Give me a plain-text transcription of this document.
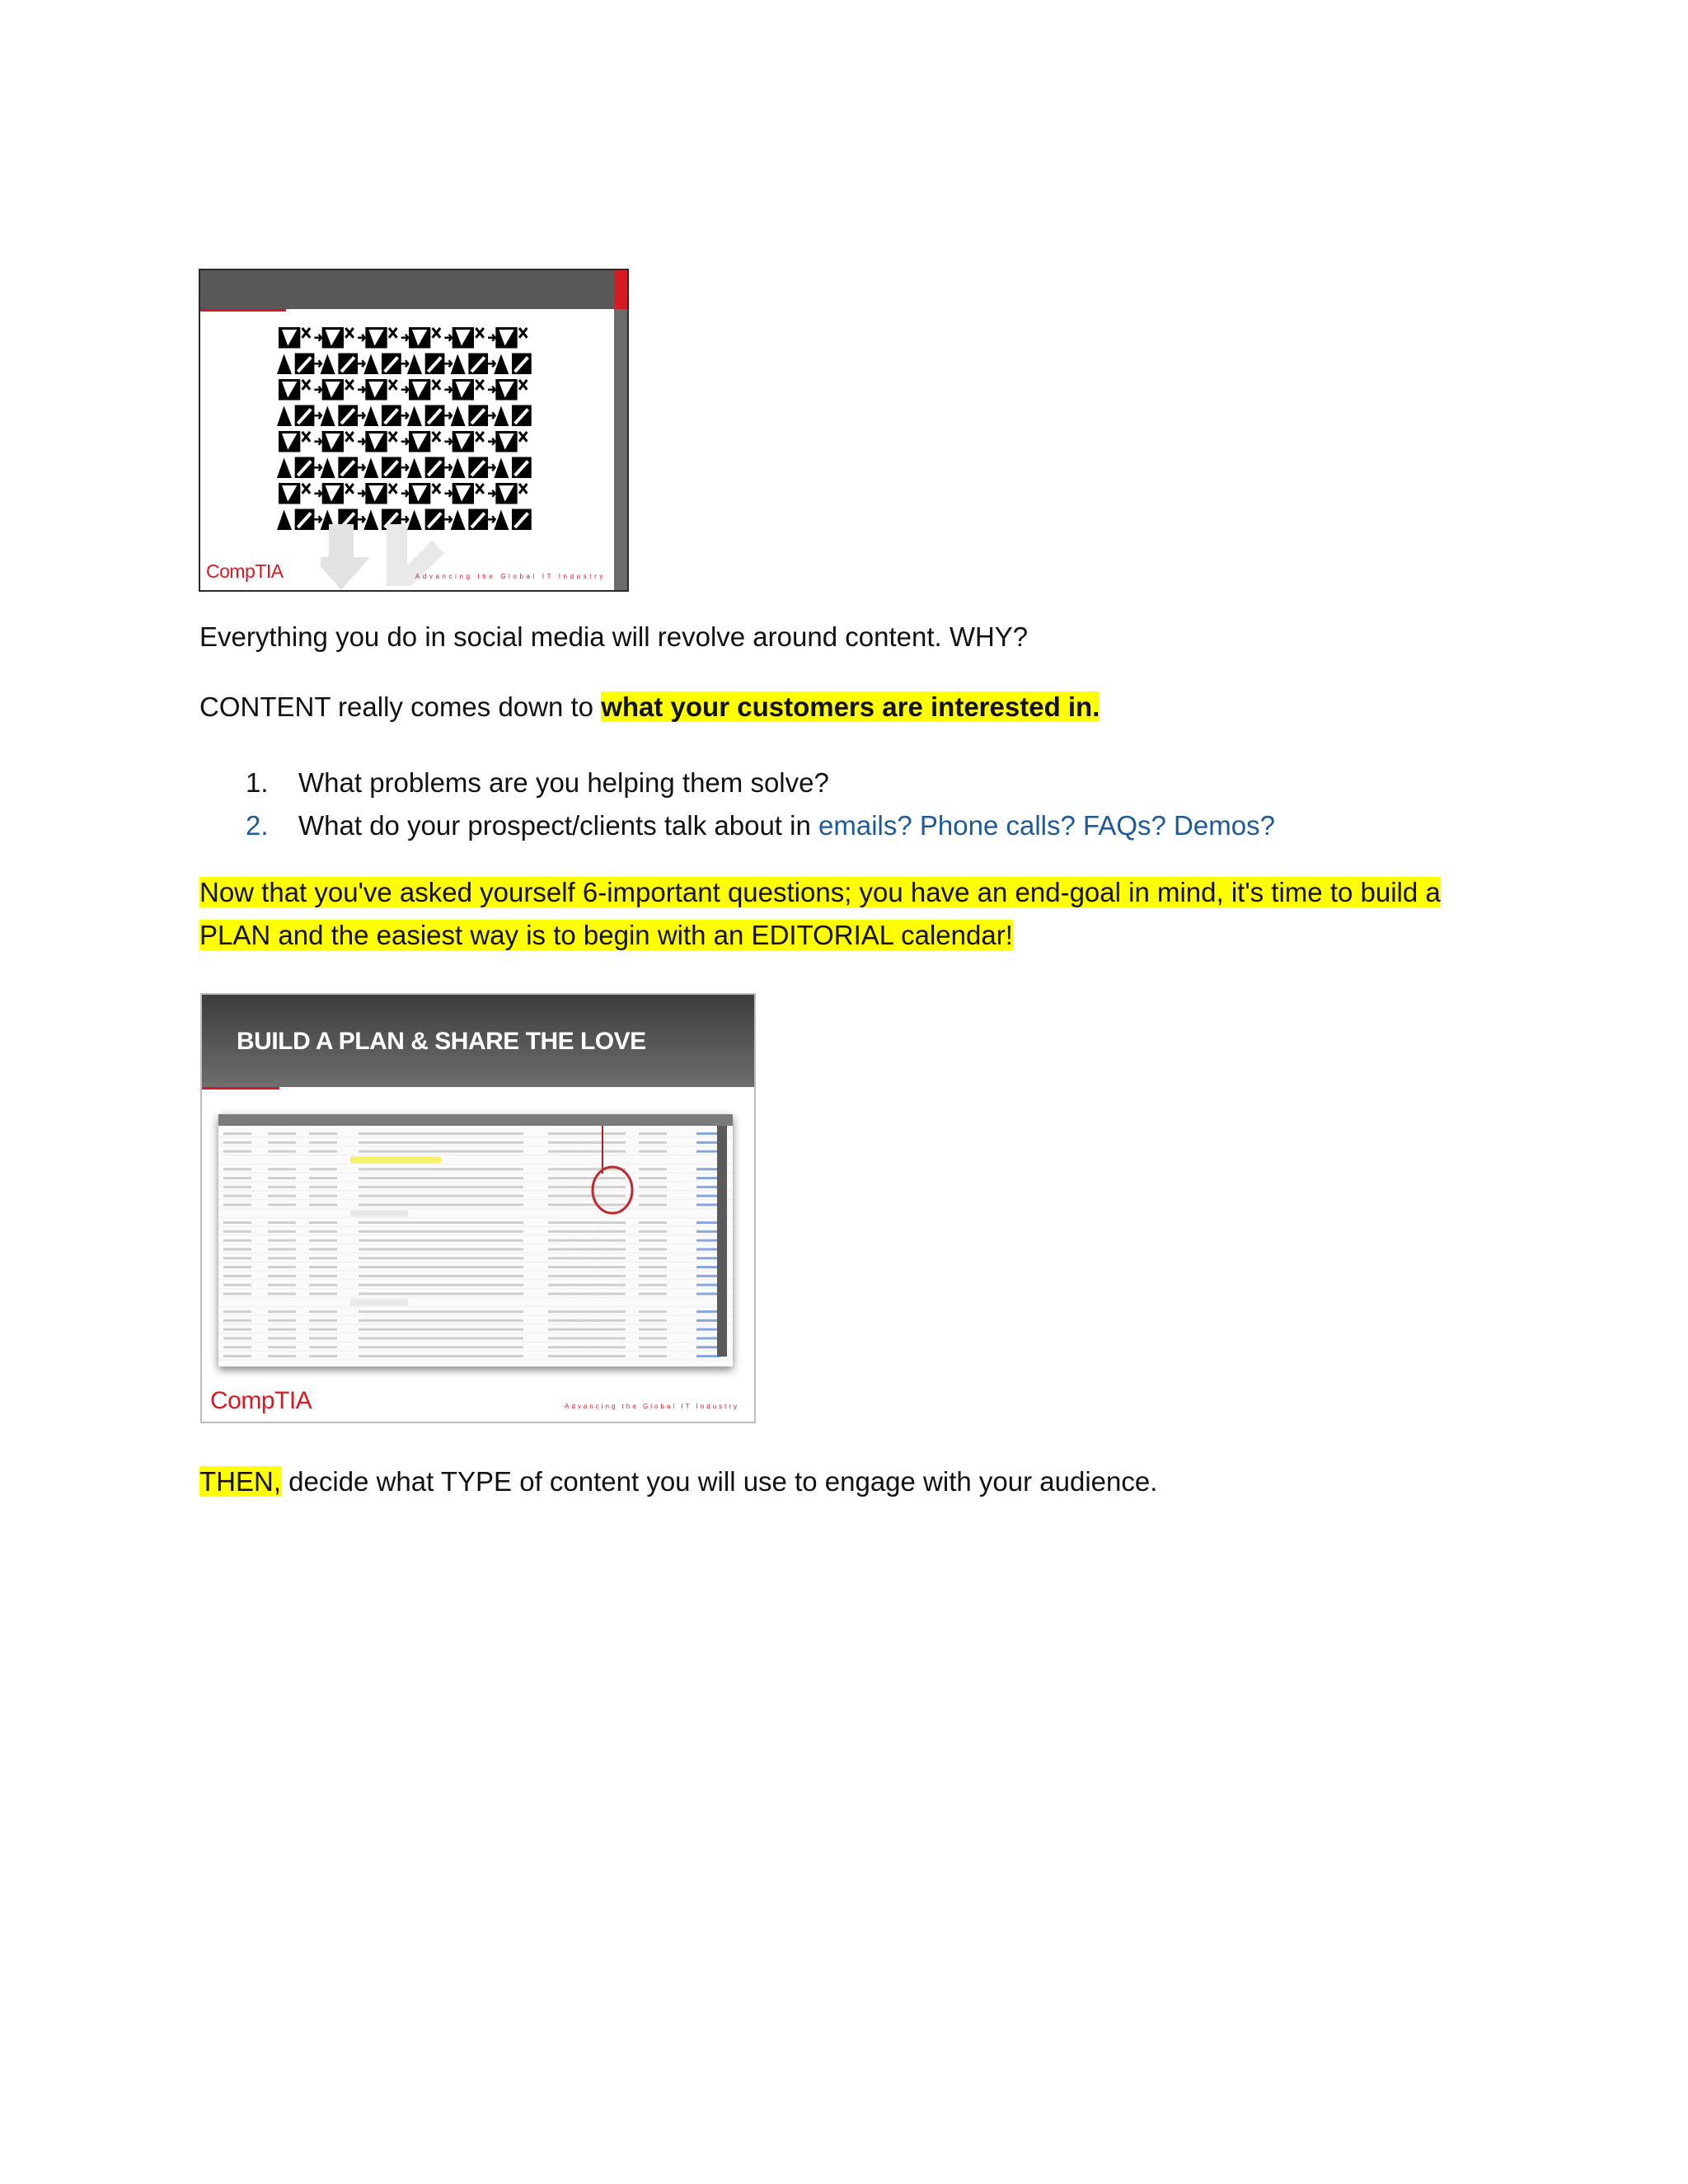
CompTIA	Advancing the Global IT Industry
Everything you do in social media will revolve around content. WHY?
CONTENT really comes down to what your customers are interested in.
1. What problems are you helping them solve?
2. What do your prospect/clients talk about in emails? Phone calls? FAQs? Demos?
Now that you've asked yourself 6-important questions; you have an end-goal in mind, it's time to build a PLAN and the easiest way is to begin with an EDITORIAL calendar!
BUILD A PLAN & SHARE THE LOVE
CompTIA	Advancing the Global IT Industry
THEN, decide what TYPE of content you will use to engage with your audience.
